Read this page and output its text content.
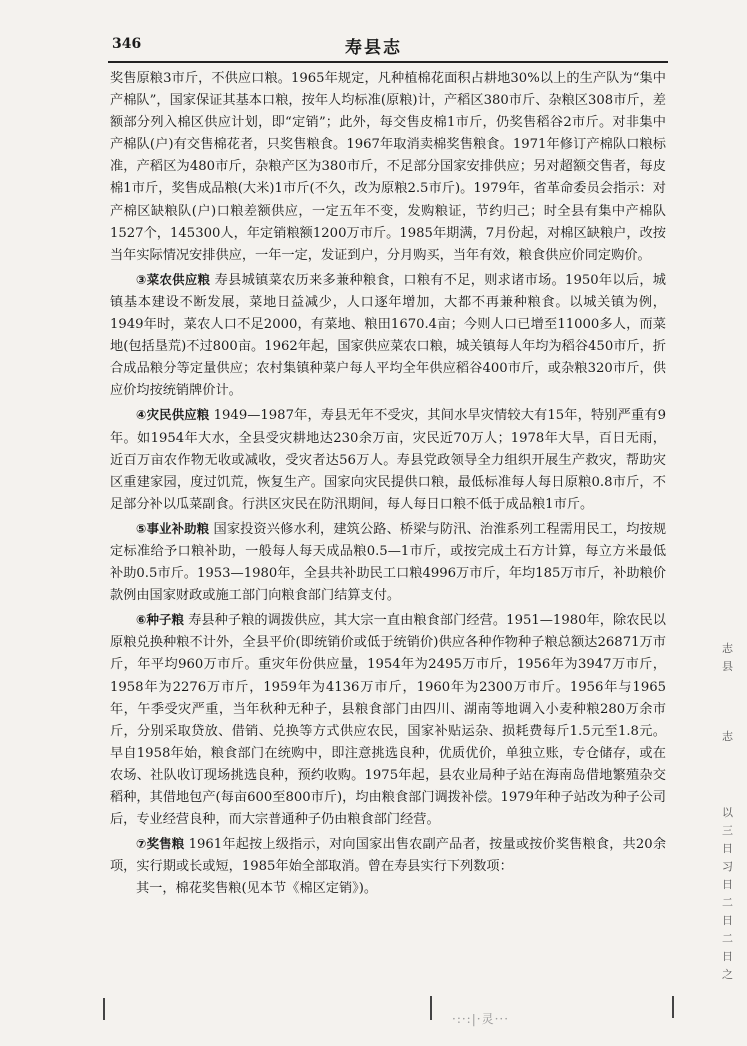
346	寿县志

奖售原粮3市斤，不供应口粮。1965年规定，凡种植棉花面积占耕地30%以上的生产队为“集中产棉队”，国家保证其基本口粮，按年人均标准(原粮)计，产稻区380市斤、杂粮区308市斤，差额部分列入棉区供应计划，即“定销”；此外，每交售皮棉1市斤，仍奖售稻谷2市斤。对非集中产棉队(户)有交售棉花者，只奖售粮食。1967年取消卖棉奖售粮食。1971年修订产棉队口粮标准，产稻区为480市斤，杂粮产区为380市斤，不足部分国家安排供应；另对超额交售者，每皮棉1市斤，奖售成品粮(大米)1市斤(不久，改为原粮2.5市斤)。1979年，省革命委员会指示：对产棉区缺粮队(户)口粮差额供应，一定五年不变，发购粮证，节约归己；时全县有集中产棉队1527个，145300人，年定销粮额1200万市斤。1985年期满，7月份起，对棉区缺粮户，改按当年实际情况安排供应，一年一定，发证到户，分月购买，当年有效，粮食供应价同定购价。

③菜农供应粮 寿县城镇菜农历来多兼种粮食，口粮有不足，则求诸市场。1950年以后，城镇基本建设不断发展，菜地日益减少，人口逐年增加，大都不再兼种粮食。以城关镇为例，1949年时，菜农人口不足2000，有菜地、粮田1670.4亩；今则人口已增至11000多人，而菜地(包括垦荒)不过800亩。1962年起，国家供应菜农口粮，城关镇每人年均为稻谷450市斤，折合成品粮分等定量供应；农村集镇种菜户每人平均全年供应稻谷400市斤，或杂粮320市斤，供应价均按统销牌价计。

④灾民供应粮 1949—1987年，寿县无年不受灾，其间水旱灾情较大有15年，特别严重有9年。如1954年大水，全县受灾耕地达230余万亩，灾民近70万人；1978年大旱，百日无雨，近百万亩农作物无收或减收，受灾者达56万人。寿县党政领导全力组织开展生产救灾，帮助灾区重建家园，度过饥荒，恢复生产。国家向灾民提供口粮，最低标准每人每日原粮0.8市斤，不足部分补以瓜菜副食。行洪区灾民在防汛期间，每人每日口粮不低于成品粮1市斤。

⑤事业补助粮 国家投资兴修水利，建筑公路、桥梁与防汛、治淮系列工程需用民工，均按规定标准给予口粮补助，一般每人每天成品粮0.5—1市斤，或按完成土石方计算，每立方米最低补助0.5市斤。1953—1980年，全县共补助民工口粮4996万市斤，年均185万市斤，补助粮价款例由国家财政或施工部门向粮食部门结算支付。

⑥种子粮 寿县种子粮的调拨供应，其大宗一直由粮食部门经营。1951—1980年，除农民以原粮兑换种粮不计外，全县平价(即统销价或低于统销价)供应各种作物种子粮总额达26871万市斤，年平均960万市斤。重灾年份供应量，1954年为2495万市斤，1956年为3947万市斤，1958年为2276万市斤，1959年为4136万市斤，1960年为2300万市斤。1956年与1965年，午季受灾严重，当年秋种无种子，县粮食部门由四川、湖南等地调入小麦种粮280万余市斤，分别采取贷放、借销、兑换等方式供应农民，国家补贴运杂、损耗费每斤1.5元至1.8元。早自1958年始，粮食部门在统购中，即注意挑选良种，优质优价，单独立账，专仓储存，或在农场、社队收订现场挑选良种，预约收购。1975年起，县农业局种子站在海南岛借地繁殖杂交稻种，其借地包产(每亩600至800市斤)，均由粮食部门调拨补偿。1979年种子站改为种子公司后，专业经营良种，而大宗普通种子仍由粮食部门经营。

⑦奖售粮 1961年起按上级指示，对向国家出售农副产品者，按量或按价奖售粮食，共20余项，实行期或长或短，1985年始全部取消。曾在寿县实行下列数项：

其一，棉花奖售粮(见本节《棉区定销》)。

志县
志
以三日习日二日二日之
·:·:|·灵···
